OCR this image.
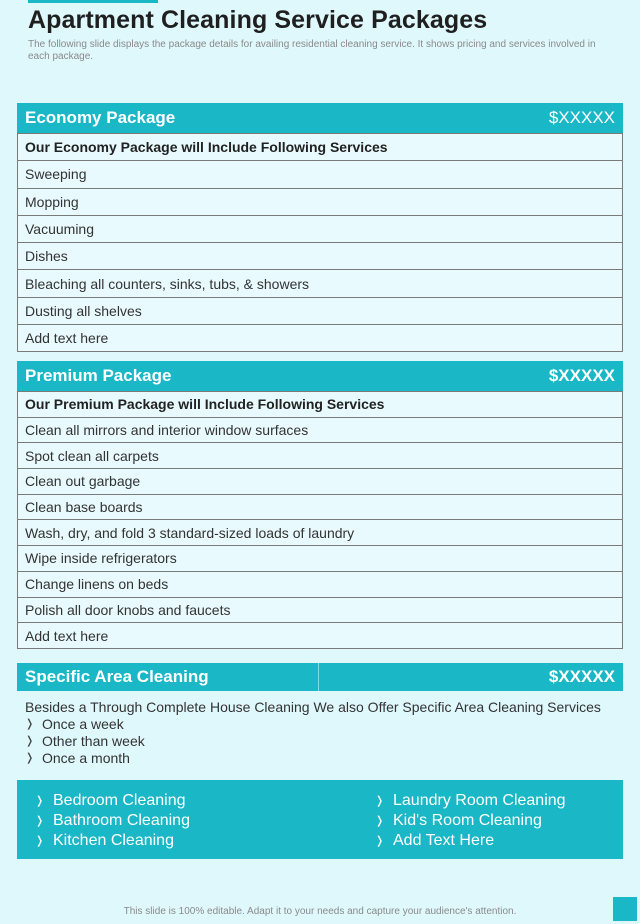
Apartment Cleaning Service Packages

The following slide displays the package details for availing residential cleaning service. It shows pricing and services involved in each package.

Economy Package	$XXXXX
Our Economy Package will Include Following Services
Sweeping
Mopping
Vacuuming
Dishes
Bleaching all counters, sinks, tubs, & showers
Dusting all shelves
Add text here
Premium Package	$XXXXX
Our Premium Package will Include Following Services
Clean all mirrors and interior window surfaces
Spot clean all carpets
Clean out garbage
Clean base boards
Wash, dry, and fold 3 standard-sized loads of laundry
Wipe inside refrigerators
Change linens on beds
Polish all door knobs and faucets
Add text here
Specific Area Cleaning	$XXXXX

Besides a Through Complete House Cleaning We also Offer Specific Area Cleaning Services

❭ Once a week
❭ Other than week
❭ Once a month
❭ Bedroom Cleaning
❭ Bathroom Cleaning
❭ Kitchen Cleaning
❭ Laundry Room Cleaning
❭ Kid's Room Cleaning
❭ Add Text Here

This slide is 100% editable. Adapt it to your needs and capture your audience's attention.
